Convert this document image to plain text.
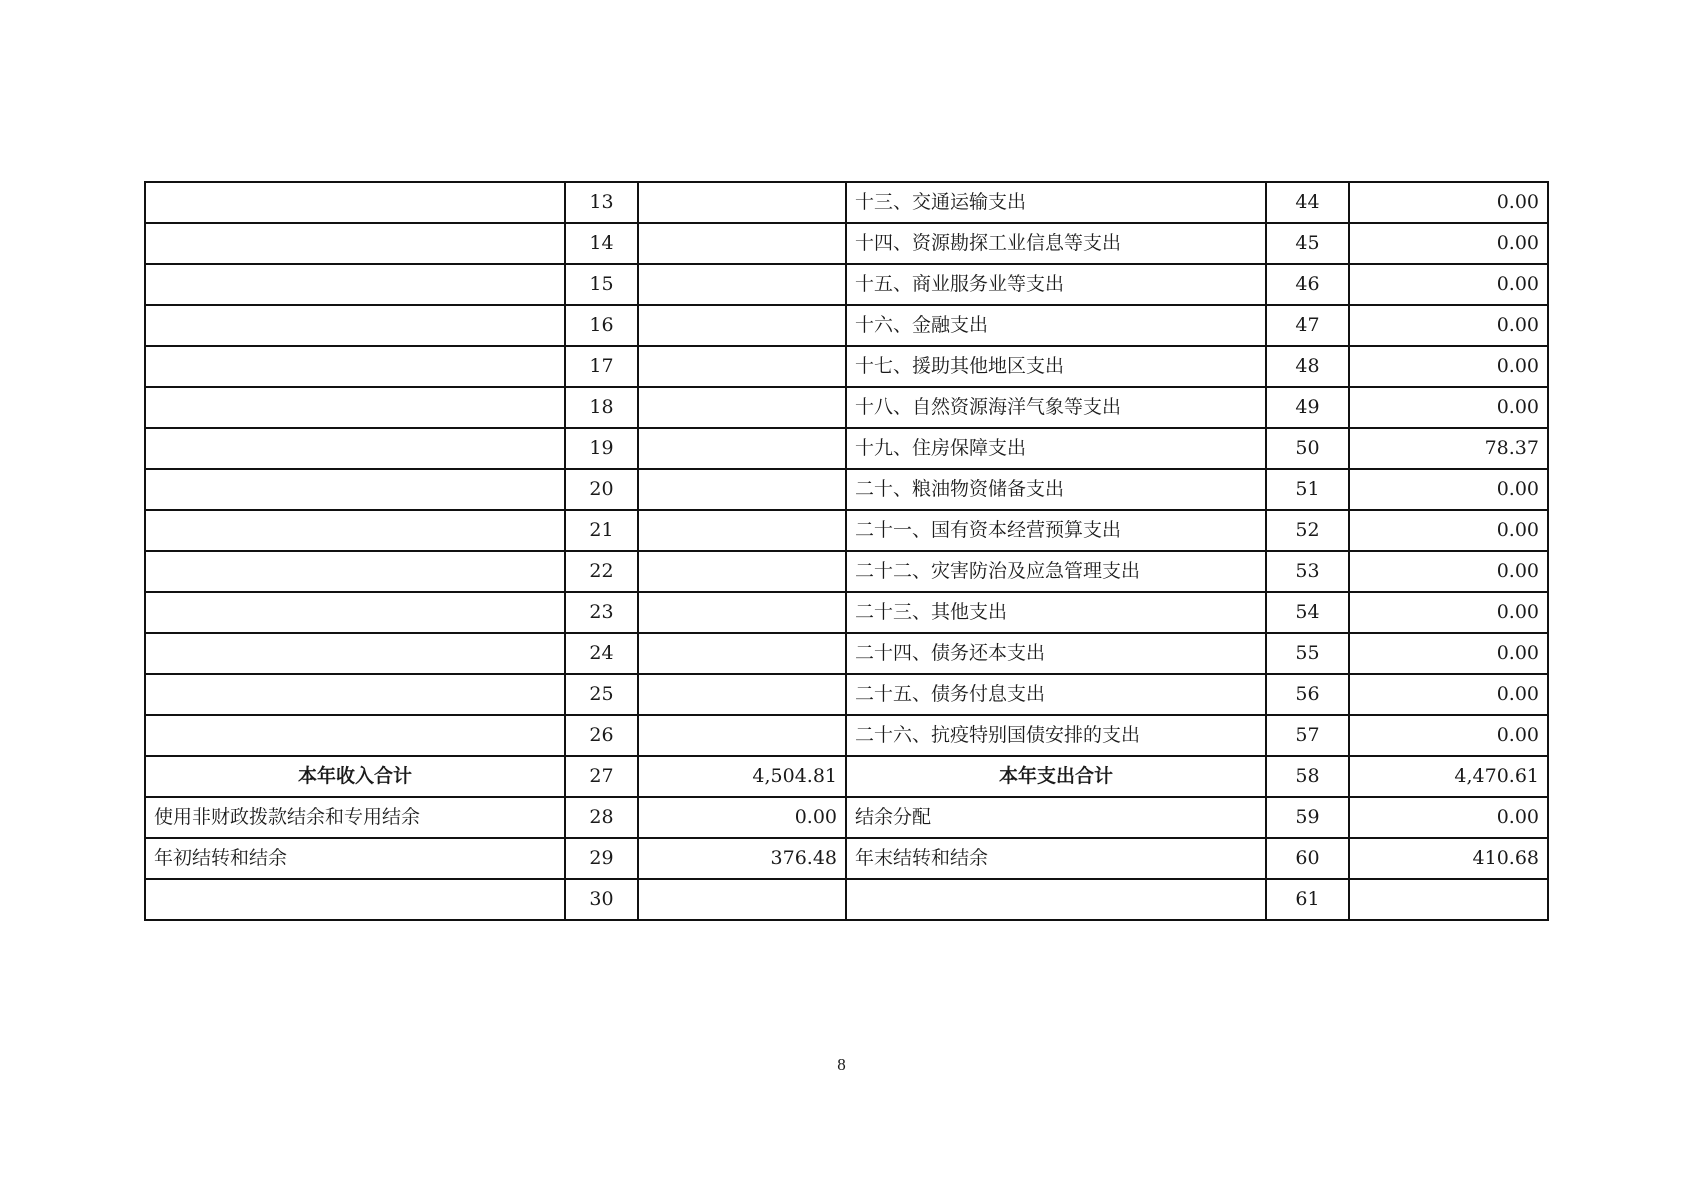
	13		十三、交通运输支出	44	0.00
	14		十四、资源勘探工业信息等支出	45	0.00
	15		十五、商业服务业等支出	46	0.00
	16		十六、金融支出	47	0.00
	17		十七、援助其他地区支出	48	0.00
	18		十八、自然资源海洋气象等支出	49	0.00
	19		十九、住房保障支出	50	78.37
	20		二十、粮油物资储备支出	51	0.00
	21		二十一、国有资本经营预算支出	52	0.00
	22		二十二、灾害防治及应急管理支出	53	0.00
	23		二十三、其他支出	54	0.00
	24		二十四、债务还本支出	55	0.00
	25		二十五、债务付息支出	56	0.00
	26		二十六、抗疫特别国债安排的支出	57	0.00
本年收入合计	27	4,504.81	本年支出合计	58	4,470.61
使用非财政拨款结余和专用结余	28	0.00	结余分配	59	0.00
年初结转和结余	29	376.48	年末结转和结余	60	410.68
	30			61	
8
